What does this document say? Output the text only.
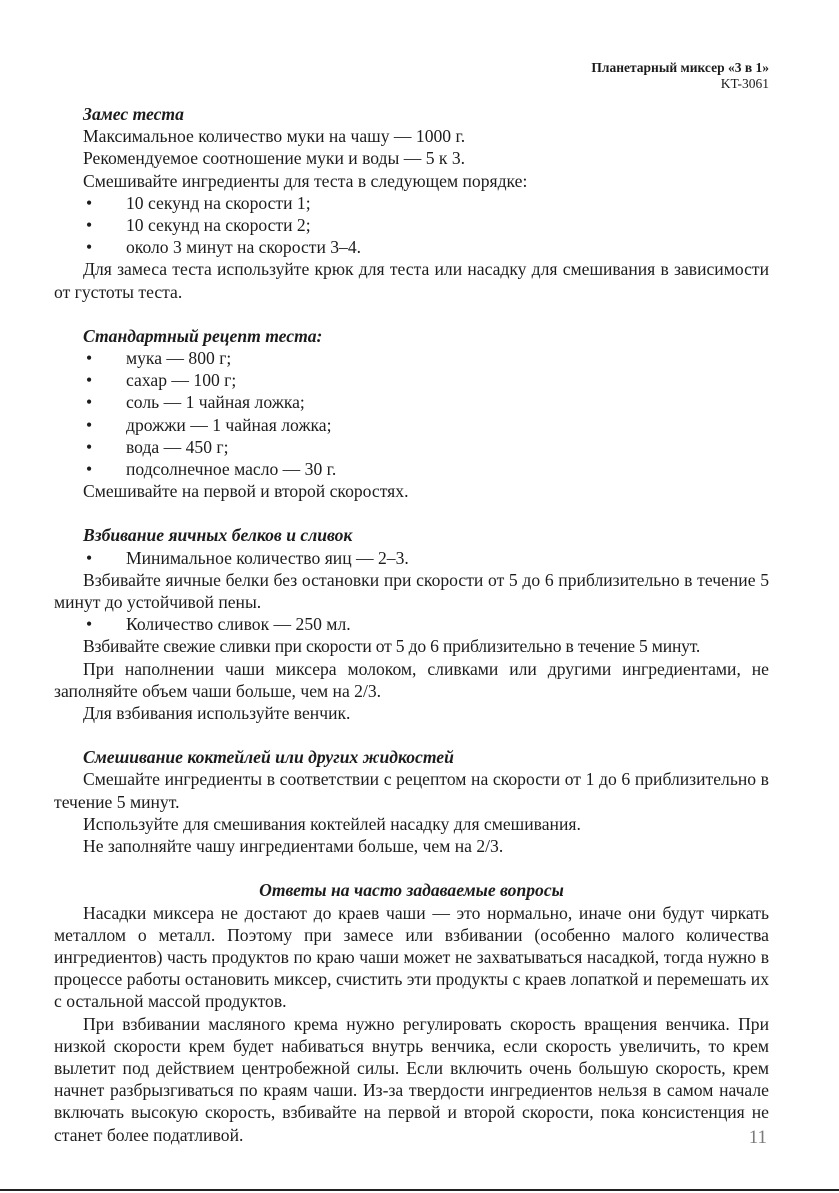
Планетарный миксер «3 в 1»
KT-3061

Замес теста

Максимальное количество муки на чашу — 1000 г.

Рекомендуемое соотношение муки и воды — 5 к 3.

Смешивайте ингредиенты для теста в следующем порядке:

• 10 секунд на скорости 1;
• 10 секунд на скорости 2;
• около 3 минут на скорости 3–4.

Для замеса теста используйте крюк для теста или насадку для смешивания в зависимости от густоты теста.

Стандартный рецепт теста:

• мука — 800 г;
• сахар — 100 г;
• соль — 1 чайная ложка;
• дрожжи — 1 чайная ложка;
• вода — 450 г;
• подсолнечное масло — 30 г.

Смешивайте на первой и второй скоростях.

Взбивание яичных белков и сливок

• Минимальное количество яиц — 2–3.

Взбивайте яичные белки без остановки при скорости от 5 до 6 приблизительно в течение 5 минут до устойчивой пены.

• Количество сливок — 250 мл.

Взбивайте свежие сливки при скорости от 5 до 6 приблизительно в течение 5 минут.

При наполнении чаши миксера молоком, сливками или другими ингредиентами, не заполняйте объем чаши больше, чем на 2/3.

Для взбивания используйте венчик.

Смешивание коктейлей или других жидкостей

Смешайте ингредиенты в соответствии с рецептом на скорости от 1 до 6 приблизительно в течение 5 минут.

Используйте для смешивания коктейлей насадку для смешивания.

Не заполняйте чашу ингредиентами больше, чем на 2/3.

Ответы на часто задаваемые вопросы

Насадки миксера не достают до краев чаши — это нормально, иначе они будут чиркать металлом о металл. Поэтому при замесе или взбивании (особенно малого количества ингредиентов) часть продуктов по краю чаши может не захватываться насадкой, тогда нужно в процессе работы остановить миксер, счистить эти продукты с краев лопаткой и перемешать их с остальной массой продуктов.

При взбивании масляного крема нужно регулировать скорость вращения венчика. При низкой скорости крем будет набиваться внутрь венчика, если скорость увеличить, то крем вылетит под действием центробежной силы. Если включить очень большую скорость, крем начнет разбрызгиваться по краям чаши. Из-за твердости ингредиентов нельзя в самом начале включать высокую скорость, взбивайте на первой и второй скорости, пока консистенция не станет более податливой.	11
